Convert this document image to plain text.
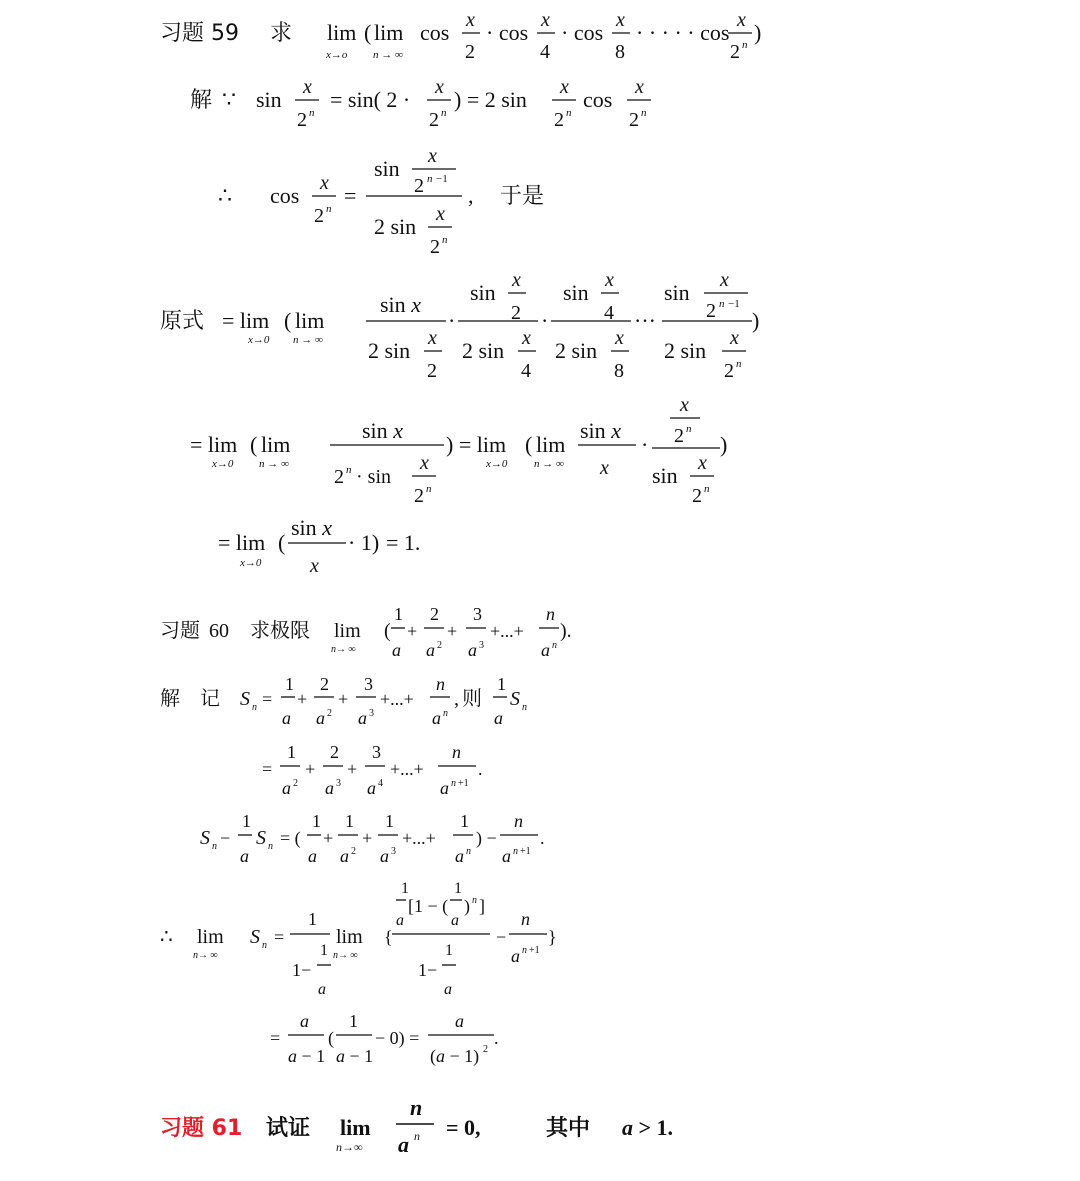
习题 59 求 lim
x→o
( lim
n → ∞
cos x
2
· cos x
4
· cos x
8
· · · · · cos x
2 n )
解 ∵ sin x
2 n
= sin( 2 · x
2 n
) = 2 sin x
2 n
cos x
2 n
∴ cos x
2 n
=
sin x
2 n −1
2 sin x
2 n
, 于是
原式 = lim
x→0
( lim
n → ∞
sin x
2 sin x
2
·
sin x
2
2 sin x
4
·
sin x
4
2 sin x
8
···
sin x
2 n −1
2 sin x
2 n
)
= lim
x→0
( lim
n → ∞
sin x
2 n · sin
x
2 n
) = lim
x→0
( lim
n → ∞
sin x
x
·
x
2 n
sin x
2 n
)
= lim
x→0
(
sin x
x
· 1) = 1.
习题 60 求极限 lim
n→ ∞
(
1
a
+
2
a 2
+
3
a 3
+...+
n
a n
).
解 记 S n =
1
a
+
2
a 2
+
3
a 3
+...+
n
a n
, 则
1
a
S n
=
1
a 2
+
2
a 3
+
3
a 4
+...+
n
a n +1
.
S n −
1
a
S n = (
1
a
+
1
a 2
+
1
a 3
+...+
1
a n
) −
n
a n +1
.
∴ lim
n→ ∞
S n =
1
1−
1
a
lim
n→ ∞
{
1
a
[1 − (
1
a
) n ]
1−
1
a
−
n
a n +1
}
=
a
a − 1
(
1
a − 1
− 0) =
a
(a − 1) 2
.
习题 61 试证 lim
n→∞
n
a n = 0,	其中 a > 1.
